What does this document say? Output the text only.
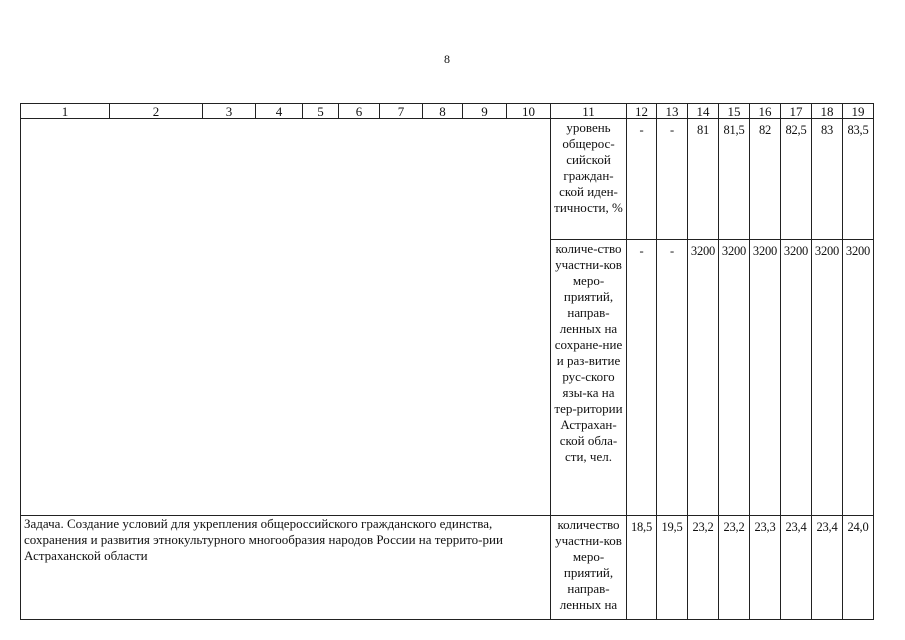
8
1	2	3	4	5	6	7	8	9	10	11	12	13	14	15	16	17	18	19
										уровень общерос-сийской граждан-ской иден-тичности, %	-	-	81	81,5	82	82,5	83	83,5
										количе-ство участни-ков меро-приятий, направ-ленных на сохране-ние и раз-витие рус-ского язы-ка на тер-ритории Астрахан-ской обла-сти, чел.	-	-	3200	3200	3200	3200	3200	3200
Задача. Создание условий для укрепления общероссийского гражданского единства, сохранения и развития этнокультурного многообразия народов России на террито-рии Астраханской области										количество участни-ков меро-приятий, направ-ленных на	18,5	19,5	23,2	23,2	23,3	23,4	23,4	24,0
